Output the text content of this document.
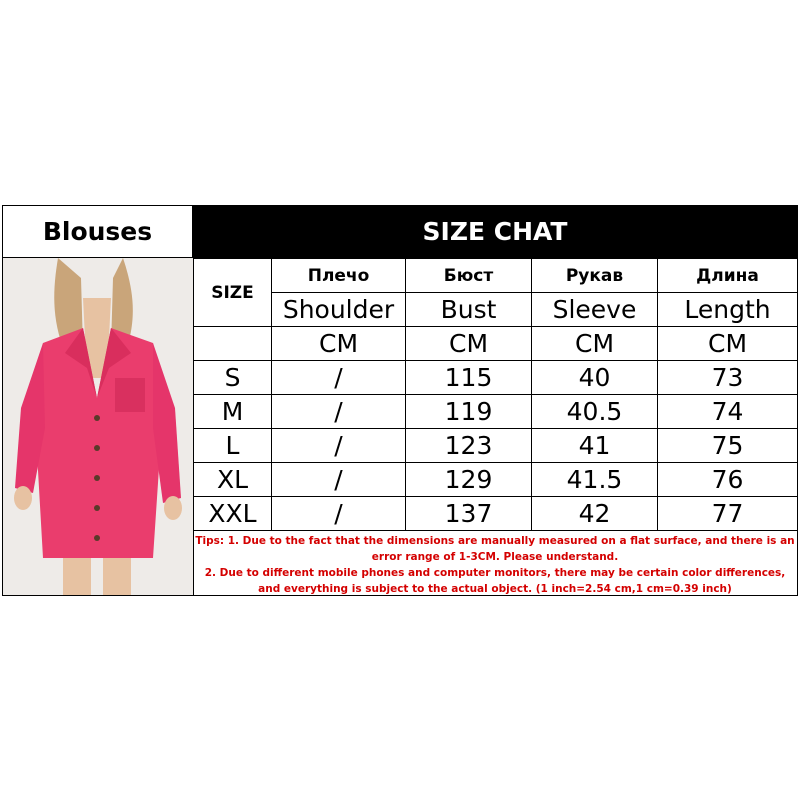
Blouses	SIZE CHAT
SIZE	Плечо	Бюст	Рукав	Длина
	Shoulder	Bust	Sleeve	Length
	CM	CM	CM	CM
S	/	115	40	73
M	/	119	40.5	74
L	/	123	41	75
XL	/	129	41.5	76
XXL	/	137	42	77

Tips: 1. Due to the fact that the dimensions are manually measured on a flat surface, and there is an error range of 1-3CM. Please understand.

2. Due to different mobile phones and computer monitors, there may be certain color differences, and everything is subject to the actual object. (1 inch=2.54 cm,1 cm=0.39 inch)
